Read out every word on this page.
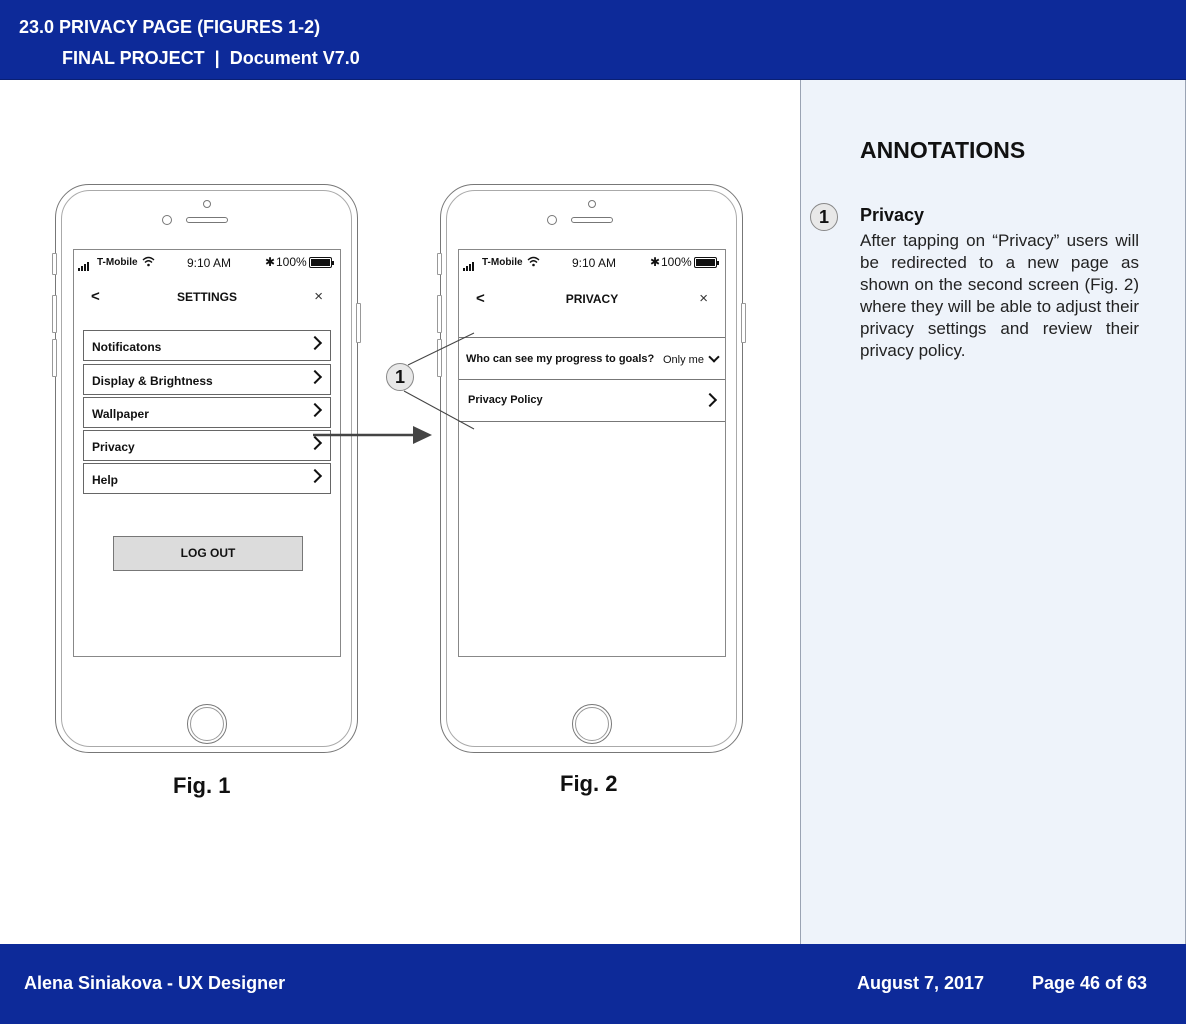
23.0 PRIVACY PAGE (FIGURES 1-2)
FINAL PROJECT  |  Document V7.0
T-Mobile	9:10 AM	✱ 100%
<	SETTINGS	×
Notificatons
Display & Brightness
Wallpaper
Privacy
Help
LOG OUT
T-Mobile	9:10 AM	✱ 100%
<	PRIVACY	×
Who can see my progress to goals? Only me
Privacy Policy
1
Fig. 1	Fig. 2
ANNOTATIONS
1	Privacy
After tapping on “Privacy” users will be redirected to a new page as shown on the second screen (Fig. 2) where they will be able to adjust their privacy settings and review their privacy policy.
Alena Siniakova - UX Designer	August 7, 2017	Page 46 of 63
